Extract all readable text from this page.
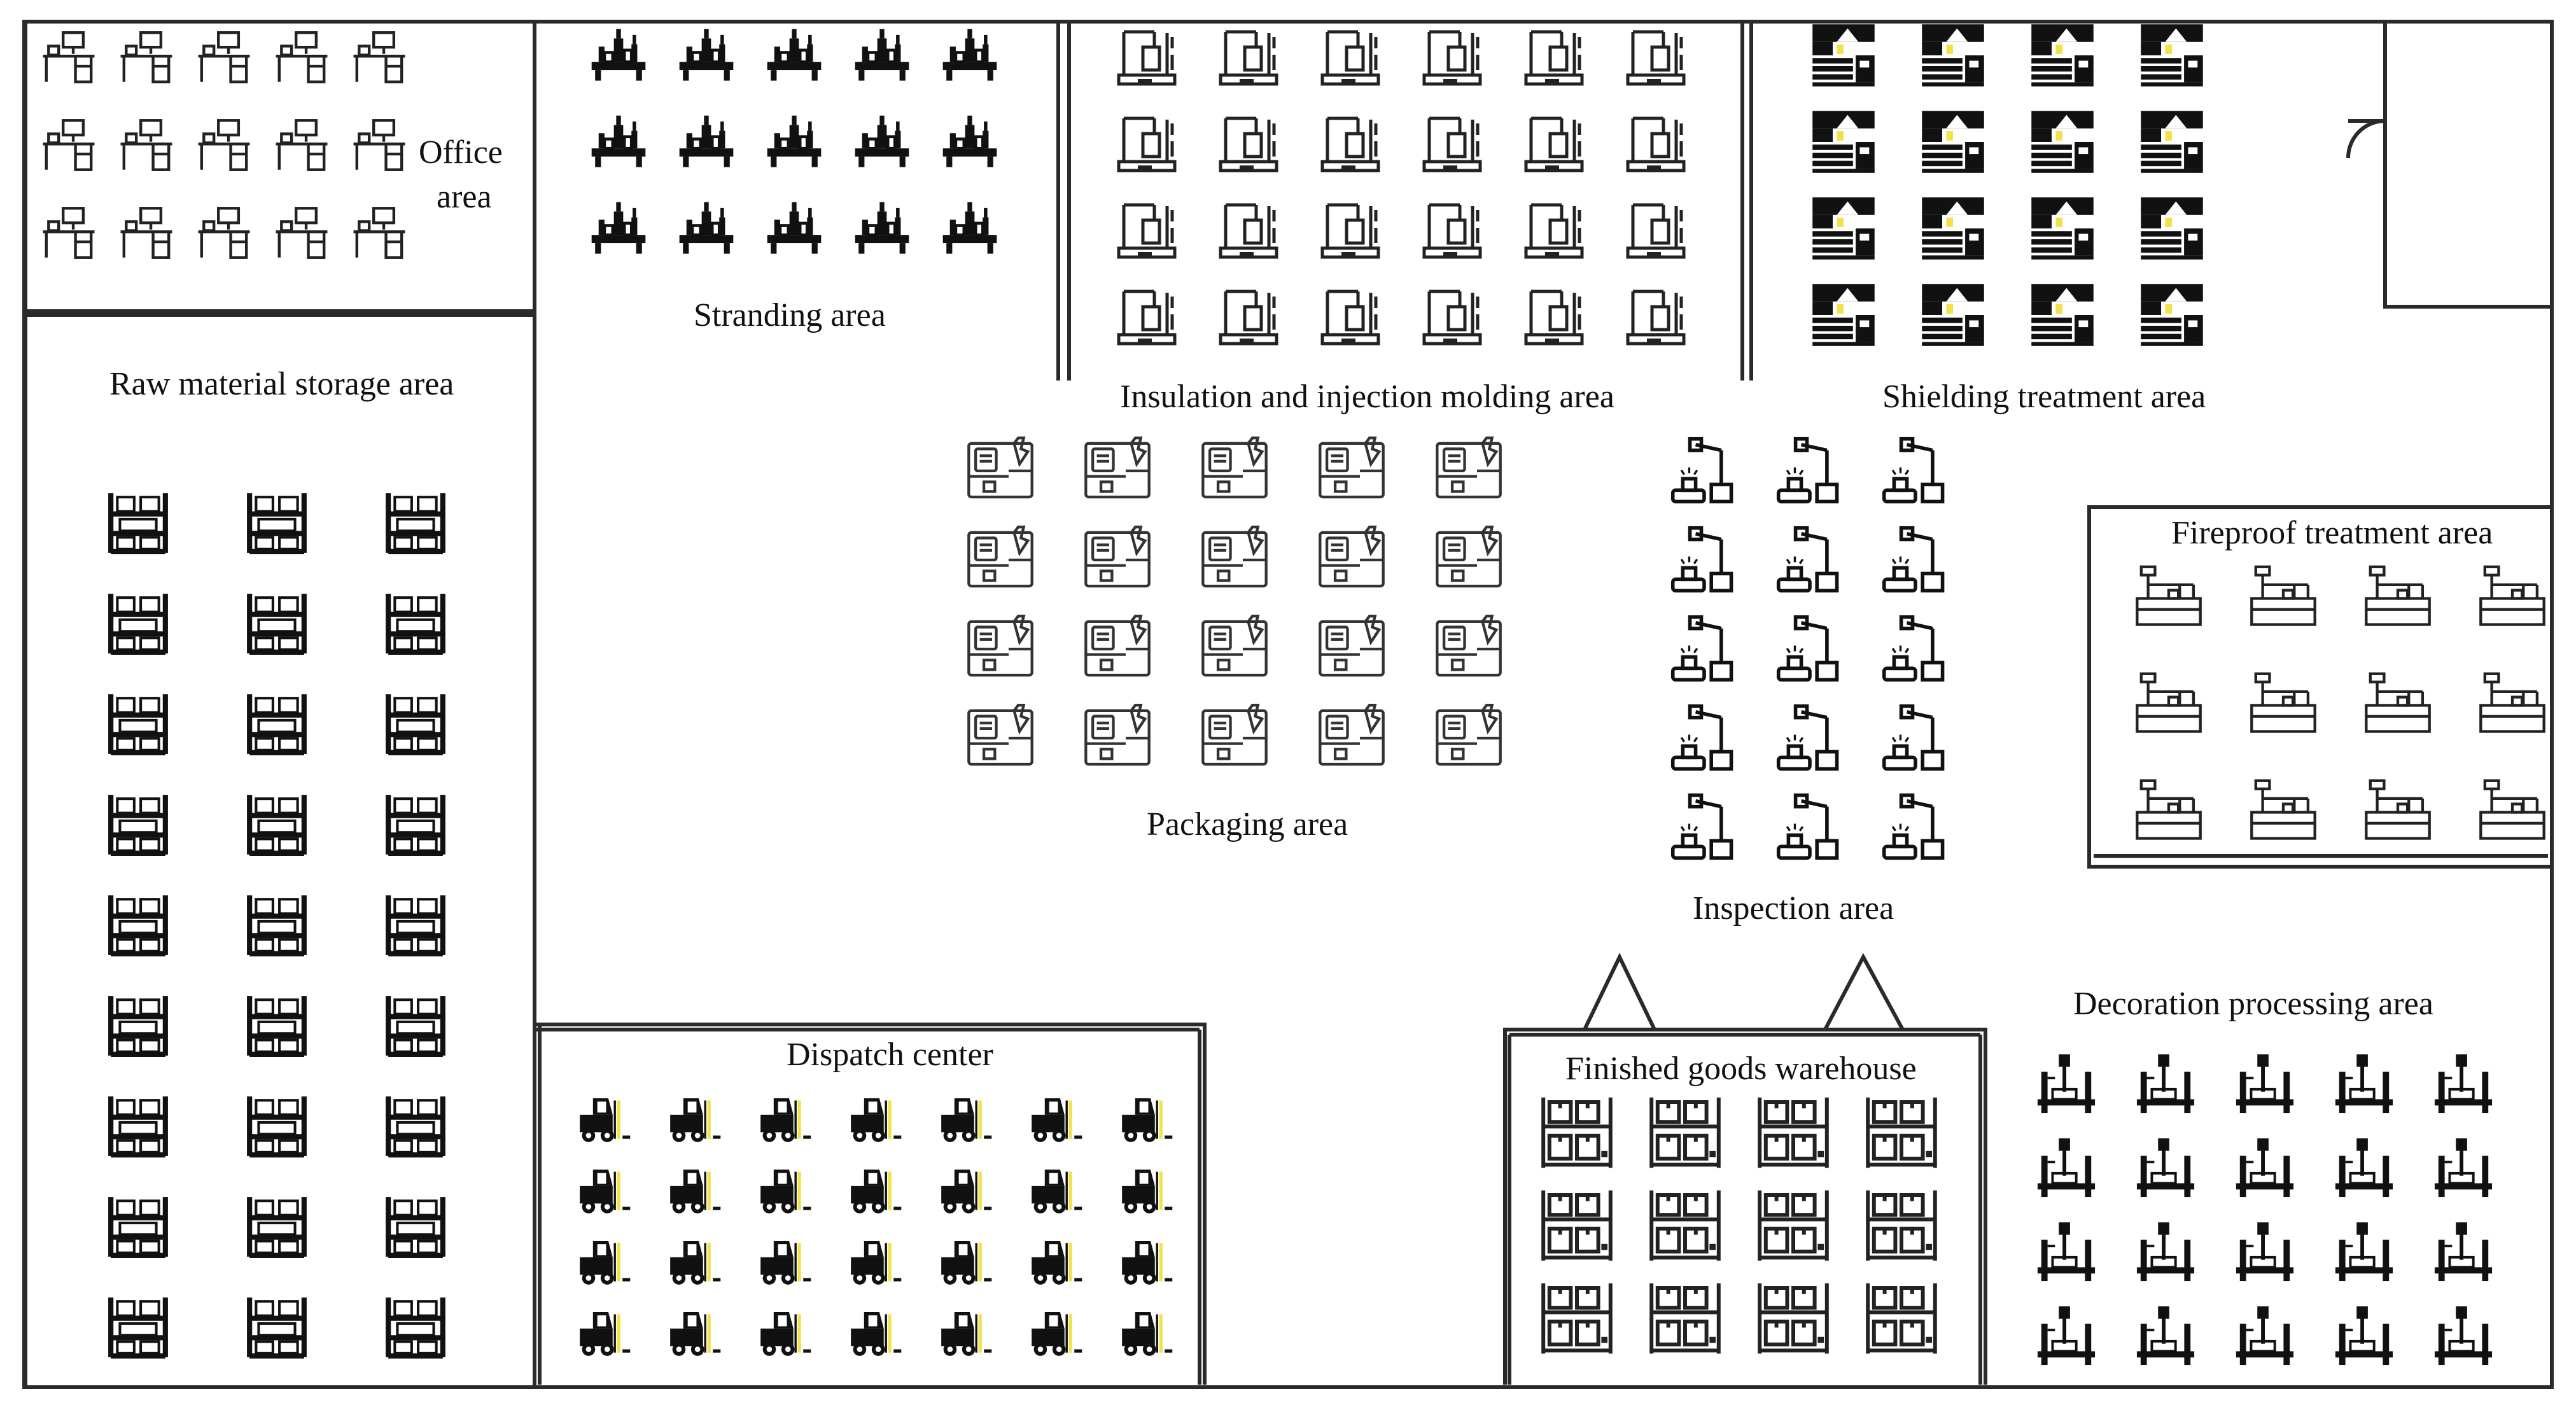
Office
area
Stranding area
Insulation and injection molding area	Shielding treatment area
Raw material storage area
Fireproof treatment area
Packaging area
Inspection area
Dispatch center	Finished goods warehouse
Decoration processing area
